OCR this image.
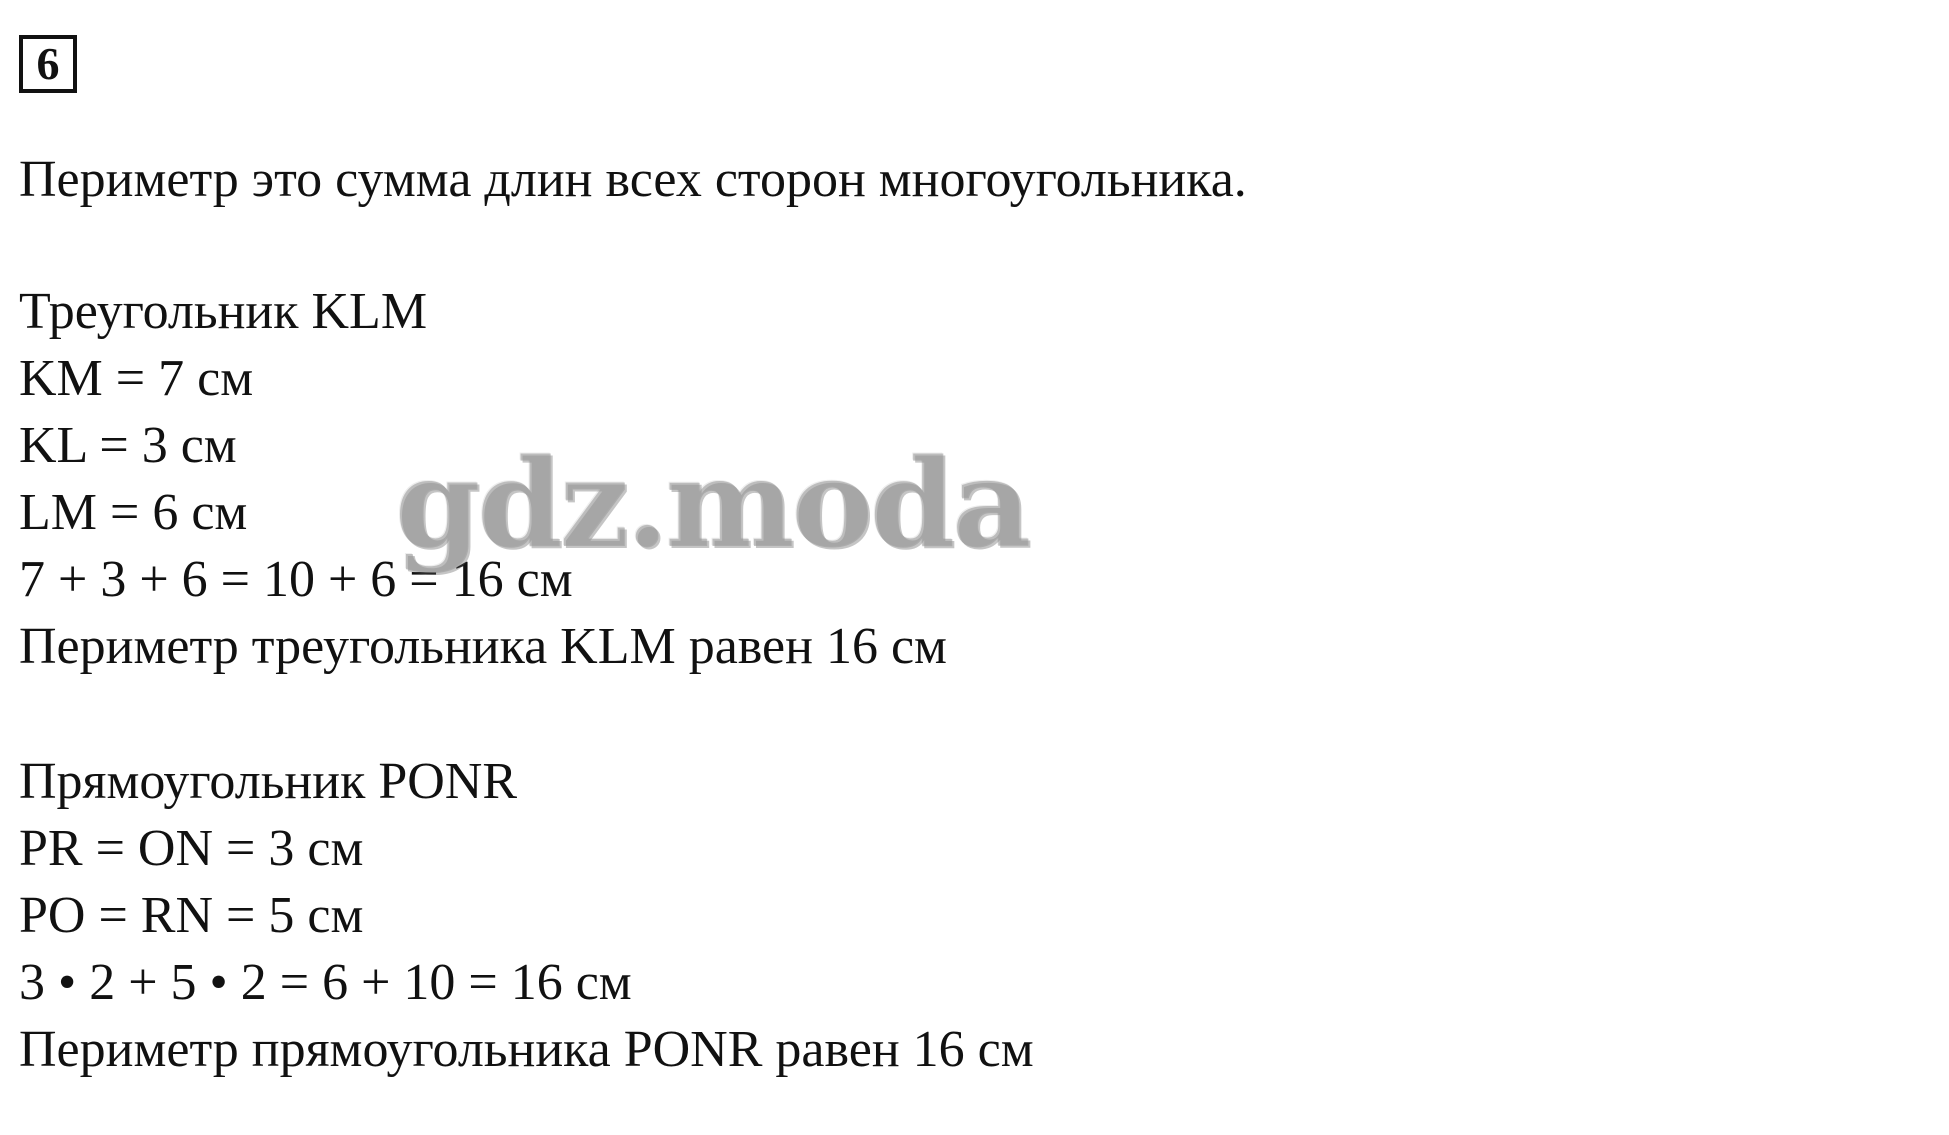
6
Периметр это сумма длин всех сторон многоугольника.
Треугольник KLM
KM = 7 см
KL = 3 см
LM = 6 см
7 + 3 + 6 = 10 + 6 = 16 см
Периметр треугольника KLM равен 16 см
Прямоугольник PONR
PR = ON = 3 см
PO = RN = 5 см
3 • 2 + 5 • 2 = 6 + 10 = 16 см
Периметр прямоугольника PONR равен 16 см
gdz.moda
